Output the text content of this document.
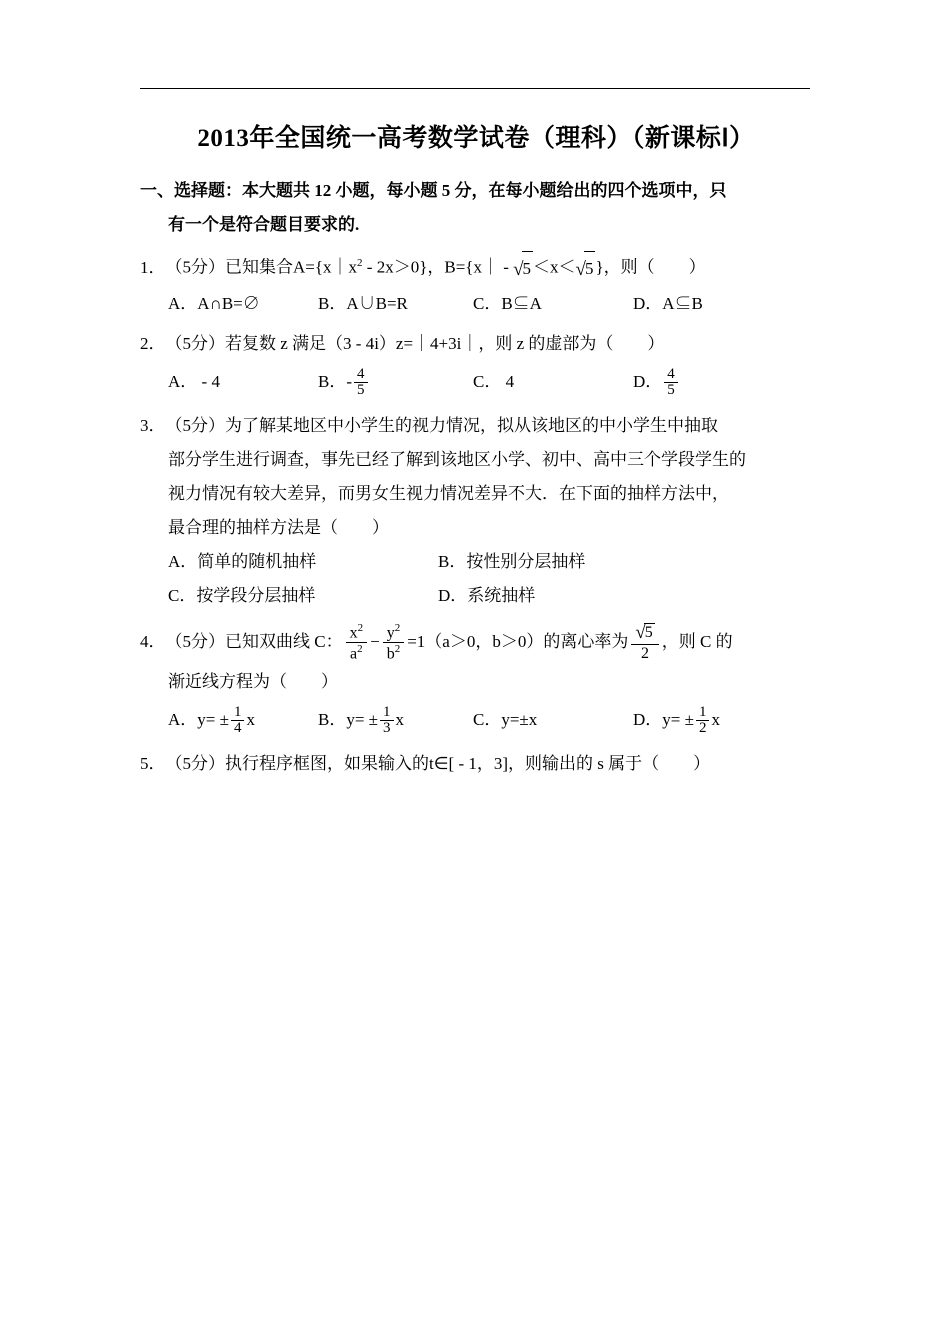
2013年全国统一高考数学试卷（理科）（新课标Ⅰ）
一、选择题：本大题共 12 小题，每小题 5 分，在每小题给出的四个选项中，只
有一个是符合题目要求的.
1．（5分）已知集合$A=\{x|x^2 - 2x>0\}$，B={x｜ - √5 ＜x＜√5 }，则（ ）
A．A∩B=∅	B．A∪B=R	C．B⊆A	D．A⊆B
2．（5分）若复数 z 满足（3 - 4i）z=｜4+3i｜，则 z 的虚部为（ ）
A． - 4	B．- $\frac{4}{5}$	C． 4	D． $\frac{4}{5}$
3．（5分）为了解某地区中小学生的视力情况，拟从该地区的中小学生中抽取
部分学生进行调查，事先已经了解到该地区小学、初中、高中三个学段学生的
视力情况有较大差异，而男女生视力情况差异不大．在下面的抽样方法中，
最合理的抽样方法是（　　）
A．简单的随机抽样	B．按性别分层抽样
C．按学段分层抽样	D．系统抽样
4．（5分）已知双曲线 C： $\frac{x^2}{a^2} - \frac{y^2}{b^2} =1(a>0$，b＞0）的离心率为 $\frac{√5}{2}$ ，则 C 的
渐近线方程为（　　）
A．$y= \pm \frac{1}{4}$ x	B．$y= \pm \frac{1}{3}$ x	C．y=±x	D．$y= \pm \frac{1}{2}$ x
5．（5分）执行程序框图，如果输入的t∈[ - 1，3]，则输出的 s 属于（ ）
